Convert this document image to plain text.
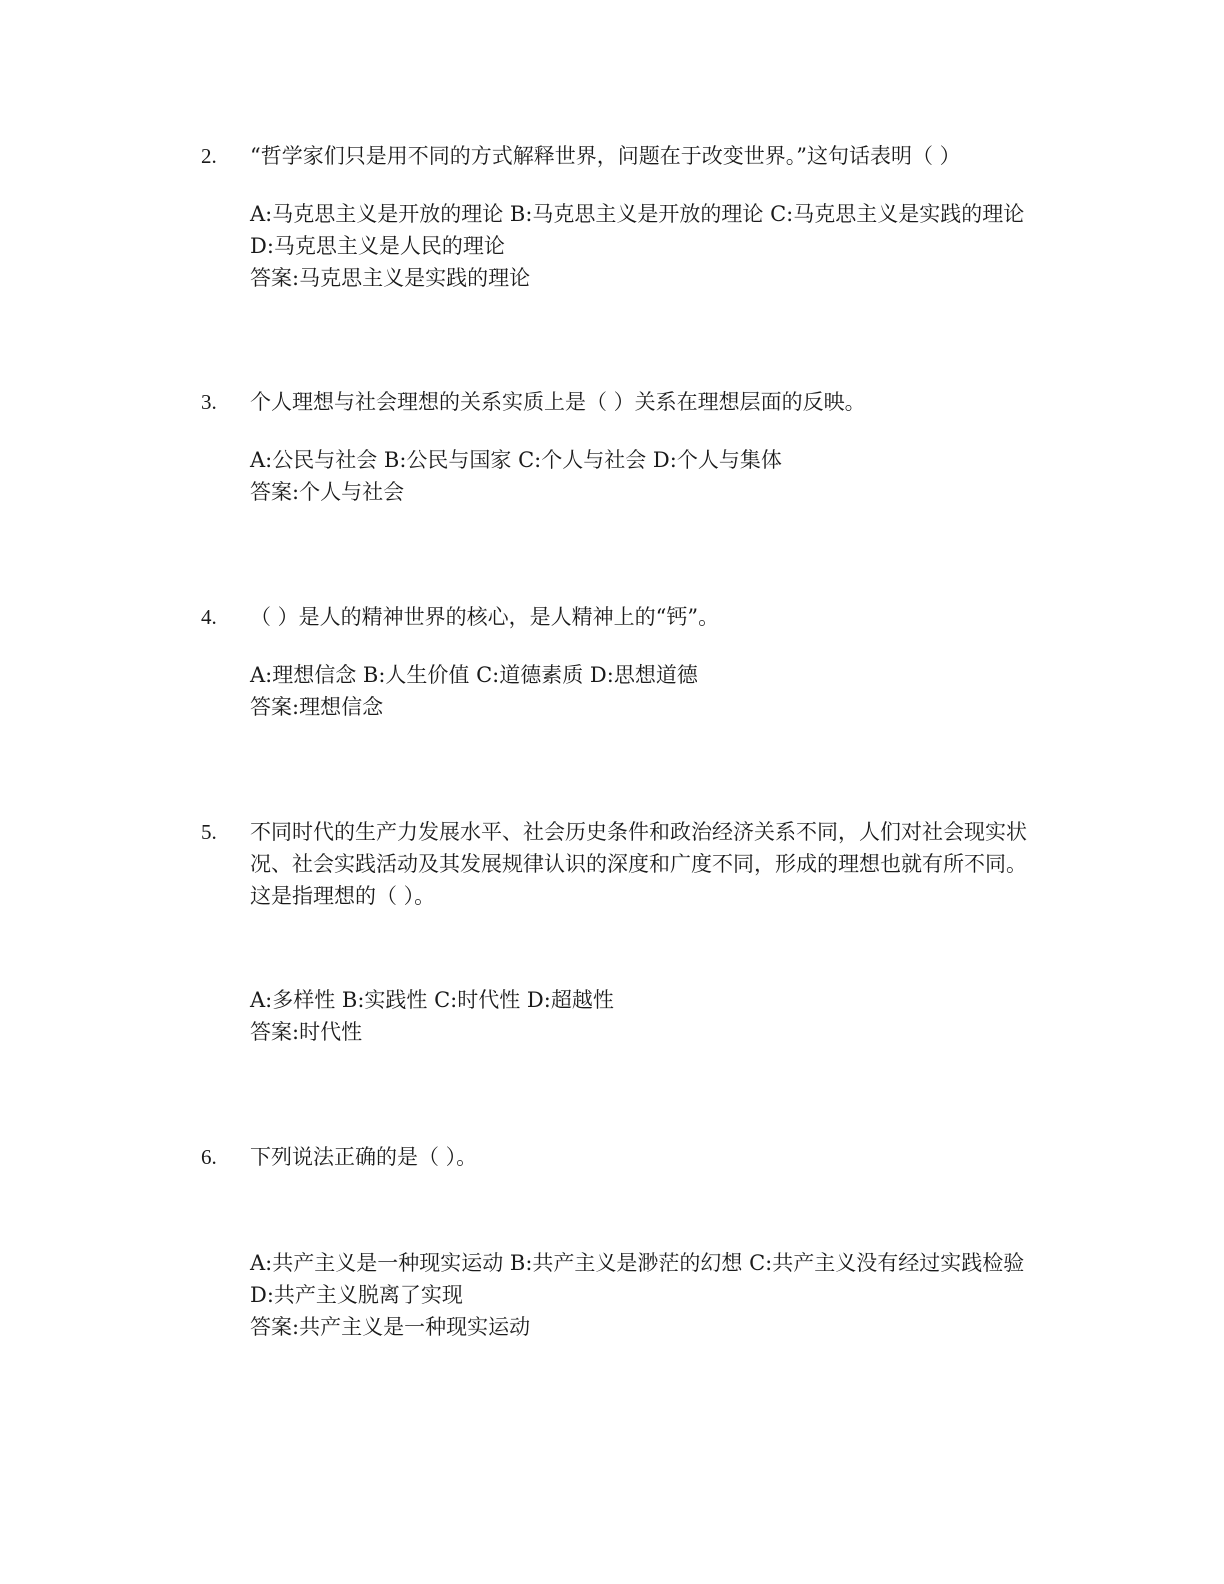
2. “哲学家们只是用不同的方式解释世界，问题在于改变世界。”这句话表明（ ）
A:马克思主义是开放的理论 B:马克思主义是开放的理论 C:马克思主义是实践的理论 D:马克思主义是人民的理论
答案:马克思主义是实践的理论
3. 个人理想与社会理想的关系实质上是（ ）关系在理想层面的反映。
A:公民与社会 B:公民与国家 C:个人与社会 D:个人与集体
答案:个人与社会
4. （ ）是人的精神世界的核心，是人精神上的“钙”。
A:理想信念 B:人生价值 C:道德素质 D:思想道德
答案:理想信念
5. 不同时代的生产力发展水平、社会历史条件和政治经济关系不同，人们对社会现实状况、社会实践活动及其发展规律认识的深度和广度不同，形成的理想也就有所不同。这是指理想的（ ）。
A:多样性 B:实践性 C:时代性 D:超越性
答案:时代性
6. 下列说法正确的是（ ）。
A:共产主义是一种现实运动 B:共产主义是渺茫的幻想 C:共产主义没有经过实践检验 D:共产主义脱离了实现
答案:共产主义是一种现实运动
